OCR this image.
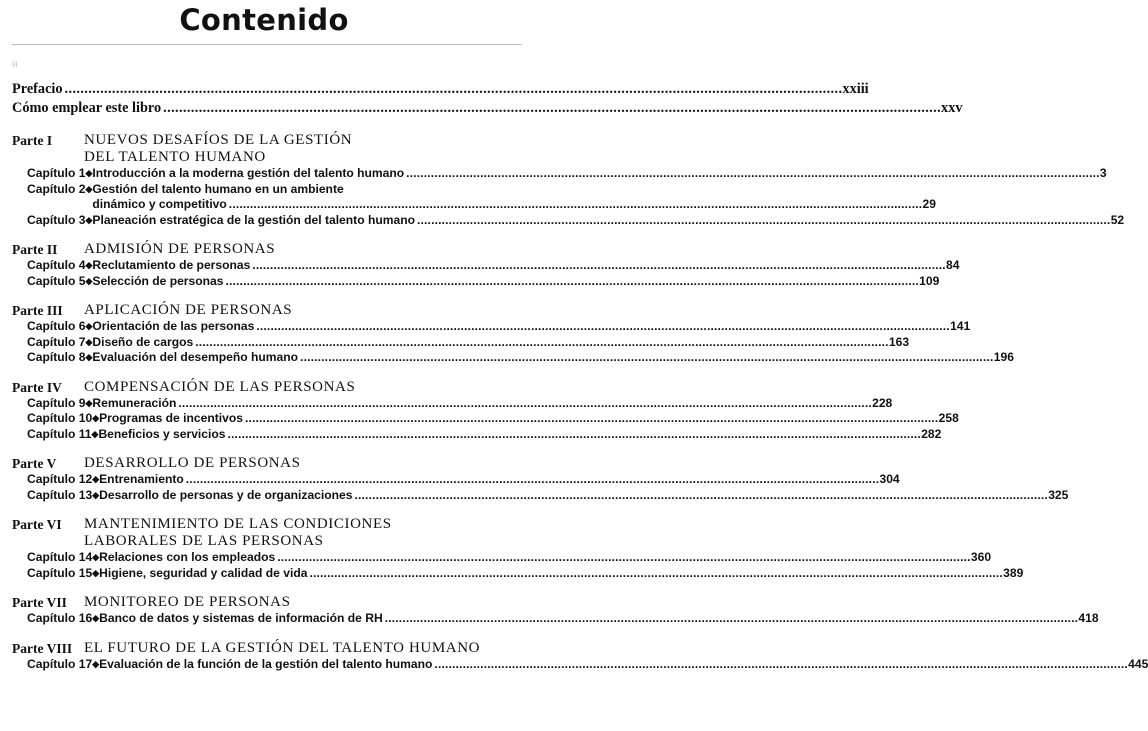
Contenido
iii
Prefacio . . .	xxiii
Cómo emplear este libro . . .	xxv
Parte I	NUEVOS DESAFÍOS DE LA GESTIÓN
DEL TALENTO HUMANO
Capítulo 1 ◆ Introducción a la moderna gestión del talento humano . . .	3
Capítulo 2 ◆ Gestión del talento humano en un ambiente
dinámico y competitivo . . .	29
Capítulo 3 ◆ Planeación estratégica de la gestión del talento humano . . .	52
Parte II	ADMISIÓN DE PERSONAS
Capítulo 4 ◆ Reclutamiento de personas . . .	84
Capítulo 5 ◆ Selección de personas . . .	109
Parte III	APLICACIÓN DE PERSONAS
Capítulo 6 ◆ Orientación de las personas . . .	141
Capítulo 7 ◆ Diseño de cargos . . .	163
Capítulo 8 ◆ Evaluación del desempeño humano . . .	196
Parte IV	COMPENSACIÓN DE LAS PERSONAS
Capítulo 9 ◆ Remuneración . . .	228
Capítulo 10 ◆ Programas de incentivos . . .	258
Capítulo 11 ◆ Beneficios y servicios . . .	282
Parte V	DESARROLLO DE PERSONAS
Capítulo 12 ◆ Entrenamiento . . .	304
Capítulo 13 ◆ Desarrollo de personas y de organizaciones . . .	325
Parte VI	MANTENIMIENTO DE LAS CONDICIONES
LABORALES DE LAS PERSONAS
Capítulo 14 ◆ Relaciones con los empleados . . .	360
Capítulo 15 ◆ Higiene, seguridad y calidad de vida . . .	389
Parte VII	MONITOREO DE PERSONAS
Capítulo 16 ◆ Banco de datos y sistemas de información de RH . . .	418
Parte VIII EL FUTURO DE LA GESTIÓN DEL TALENTO HUMANO
Capítulo 17 ◆ Evaluación de la función de la gestión del talento humano . . .	445
